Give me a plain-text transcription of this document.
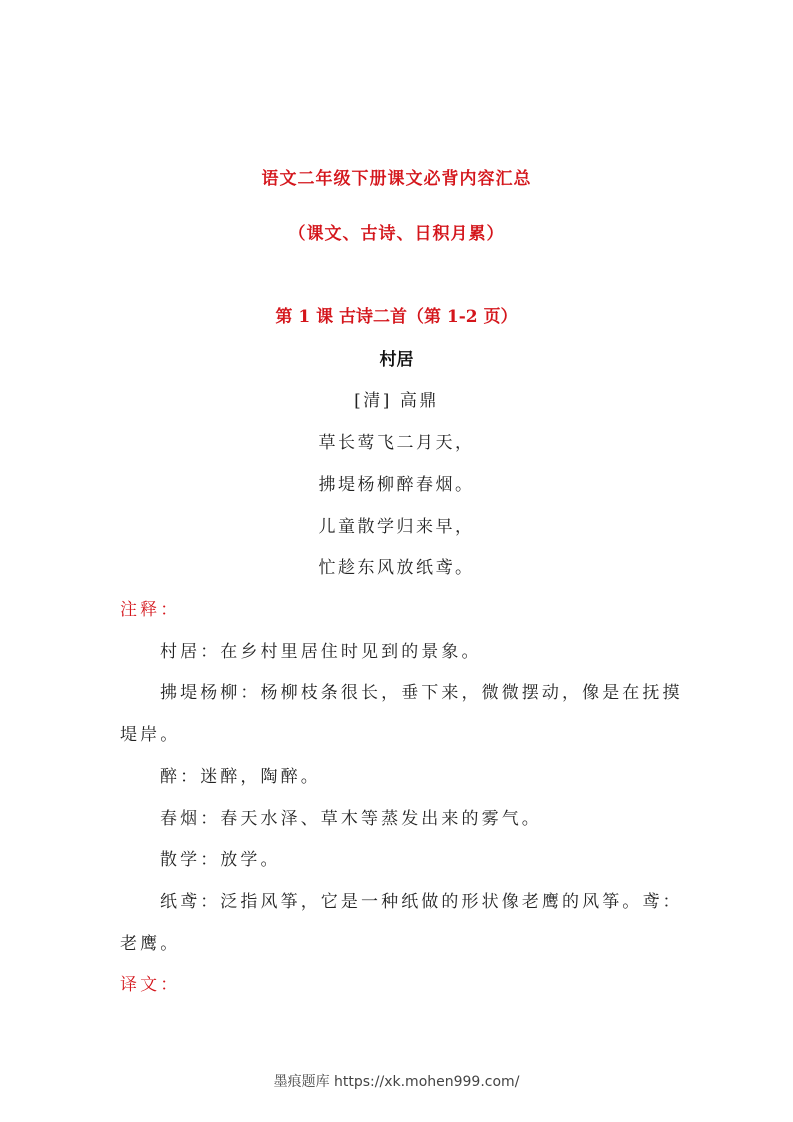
语文二年级下册课文必背内容汇总
（课文、古诗、日积月累）
第 1 课 古诗二首（第 1-2 页）
村居
[清] 高鼎
草长莺飞二月天，
拂堤杨柳醉春烟。
儿童散学归来早，
忙趁东风放纸鸢。
注释：
村居：在乡村里居住时见到的景象。
拂堤杨柳：杨柳枝条很长，垂下来，微微摆动，像是在抚摸
堤岸。
醉：迷醉，陶醉。
春烟：春天水泽、草木等蒸发出来的雾气。
散学：放学。
纸鸢：泛指风筝，它是一种纸做的形状像老鹰的风筝。鸢：
老鹰。
译文：
墨痕题库 https://xk.mohen999.com/
